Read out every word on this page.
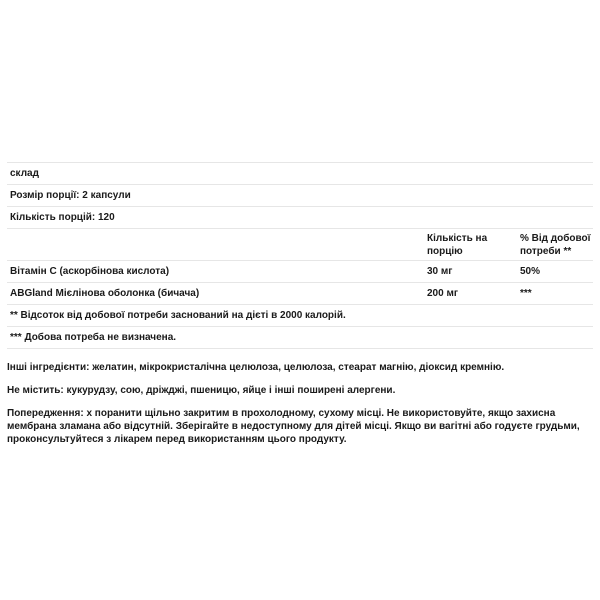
склад		
Розмір порції: 2 капсули		
Кількість порцій: 120		
	Кількість на порцію	% Від добової потреби **
Вітамін С (аскорбінова кислота)	30 мг	50%
ABGland Мієлінова оболонка (бичача)	200 мг	***
** Відсоток від добової потреби заснований на дієті в 2000 калорій.		
*** Добова потреба не визначена.		

Інші інгредієнти: желатин, мікрокристалічна целюлоза, целюлоза, стеарат магнію, діоксид кремнію.

Не містить: кукурудзу, сою, дріжджі, пшеницю, яйце і інші поширені алергени.

Попередження: х поранити щільно закритим в прохолодному, сухому місці. Не використовуйте, якщо захисна мембрана зламана або відсутній. Зберігайте в недоступному для дітей місці. Якщо ви вагітні або годуєте грудьми, проконсультуйтеся з лікарем перед використанням цього продукту.
